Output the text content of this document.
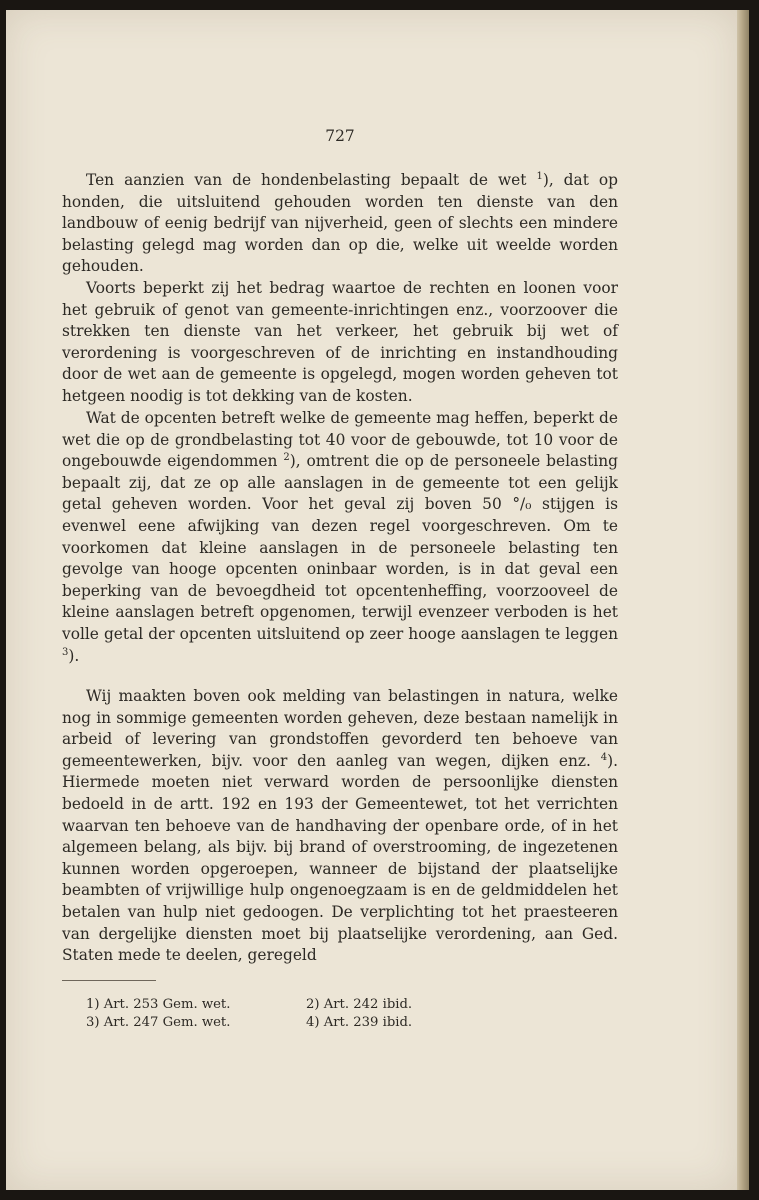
727

Ten aanzien van de hondenbelasting bepaalt de wet $^1$), dat op honden, die uitsluitend gehouden worden ten dienste van den landbouw of eenig bedrijf van nijverheid, geen of slechts een mindere belasting gelegd mag worden dan op die, welke uit weelde worden gehouden.

Voorts beperkt zij het bedrag waartoe de rechten en loonen voor het gebruik of genot van gemeente-inrichtingen enz., voorzoover die strekken ten dienste van het verkeer, het gebruik bij wet of verordening is voorgeschreven of de inrichting en instandhouding door de wet aan de gemeente is opgelegd, mogen worden geheven tot hetgeen noodig is tot dekking van de kosten.

Wat de opcenten betreft welke de gemeente mag heffen, beperkt de wet die op de grondbelasting tot 40 voor de gebouwde, tot 10 voor de ongebouwde eigendommen $^2$), omtrent die op de personeele belasting bepaalt zij, dat ze op alle aanslagen in de gemeente tot een gelijk getal geheven worden. Voor het geval zij boven 50 °/₀ stijgen is evenwel eene afwijking van dezen regel voorgeschreven. Om te voorkomen dat kleine aanslagen in de personeele belasting ten gevolge van hooge opcenten oninbaar worden, is in dat geval een beperking van de bevoegdheid tot opcentenheffing, voorzooveel de kleine aanslagen betreft opgenomen, terwijl evenzeer verboden is het volle getal der opcenten uitsluitend op zeer hooge aanslagen te leggen $^3$).

Wij maakten boven ook melding van belastingen in natura, welke nog in sommige gemeenten worden geheven, deze bestaan namelijk in arbeid of levering van grondstoffen gevorderd ten behoeve van gemeentewerken, bijv. voor den aanleg van wegen, dijken enz. $^4$). Hiermede moeten niet verward worden de persoonlijke diensten bedoeld in de artt. 192 en 193 der Gemeentewet, tot het verrichten waarvan ten behoeve van de handhaving der openbare orde, of in het algemeen belang, als bijv. bij brand of overstrooming, de ingezetenen kunnen worden opgeroepen, wanneer de bijstand der plaatselijke beambten of vrijwillige hulp ongenoegzaam is en de geldmiddelen het betalen van hulp niet gedoogen. De verplichting tot het praesteeren van dergelijke diensten moet bij plaatselijke verordening, aan Ged. Staten mede te deelen, geregeld

1) Art. 253 Gem. wet.	2) Art. 242 ibid.
3) Art. 247 Gem. wet.	4) Art. 239 ibid.
